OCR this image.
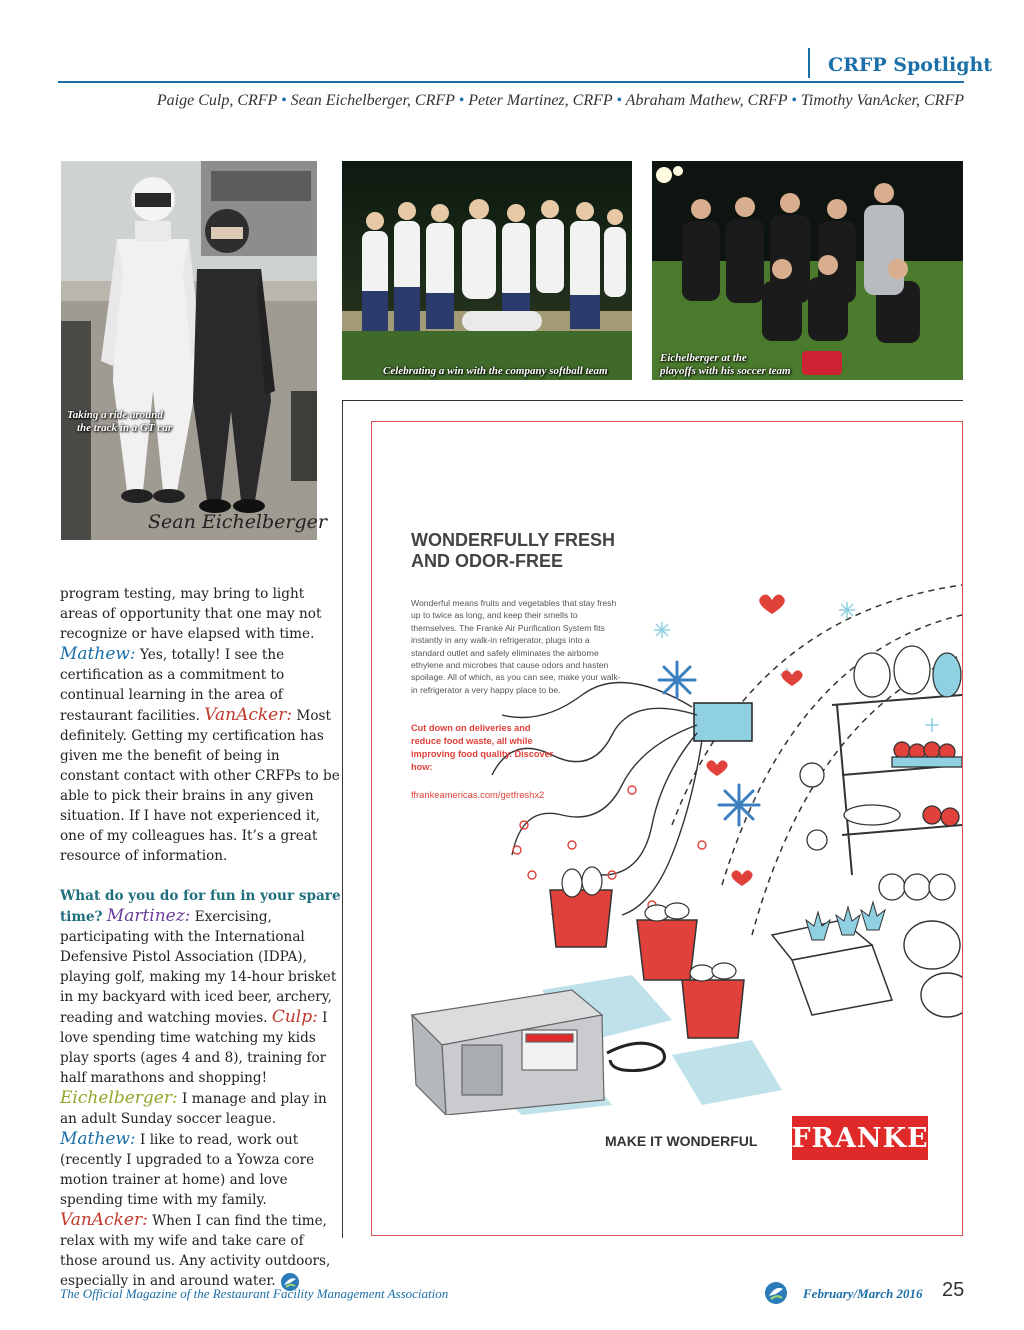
CRFP Spotlight
Paige Culp, CRFP • Sean Eichelberger, CRFP • Peter Martinez, CRFP • Abraham Mathew, CRFP • Timothy VanAcker, CRFP
Taking a ride around
the track in a GT car
Sean Eichelberger
Celebrating a win with the company softball team
Eichelberger at the
playoffs with his soccer team

program testing, may bring to light areas of opportunity that one may not recognize or have elapsed with time. Mathew: Yes, totally! I see the certification as a commitment to continual learning in the area of restaurant facilities. VanAcker: Most definitely. Getting my certification has given me the benefit of being in constant contact with other CRFPs to be able to pick their brains in any given situation. If I have not experienced it, one of my colleagues has. It’s a great resource of information.

What do you do for fun in your spare time? Martinez: Exercising, participating with the International Defensive Pistol Association (IDPA), playing golf, making my 14-hour brisket in my backyard with iced beer, archery, reading and watching movies. Culp: I love spending time watching my kids play sports (ages 4 and 8), training for half marathons and shopping! Eichelberger: I manage and play in an adult Sunday soccer league. Mathew: I like to read, work out (recently I upgraded to a Yowza core motion trainer at home) and love spending time with my family. VanAcker: When I can find the time, relax with my wife and take care of those around us. Any activity outdoors, especially in and around water.

WONDERFULLY FRESH
AND ODOR-FREE
Wonderful means fruits and vegetables that stay fresh up to twice as long, and keep their smells to themselves. The Franke Air Purification System fits instantly in any walk-in refrigerator, plugs into a standard outlet and safely eliminates the airborne ethylene and microbes that cause odors and hasten spoilage. All of which, as you can see, make your walk-in refrigerator a very happy place to be.
Cut down on deliveries and reduce food waste, all while improving food quality. Discover how:
ffrankeamericas.com/getfreshx2
MAKE IT WONDERFUL FRANKE
The Official Magazine of the Restaurant Facility Management Association	February/March 2016 25
